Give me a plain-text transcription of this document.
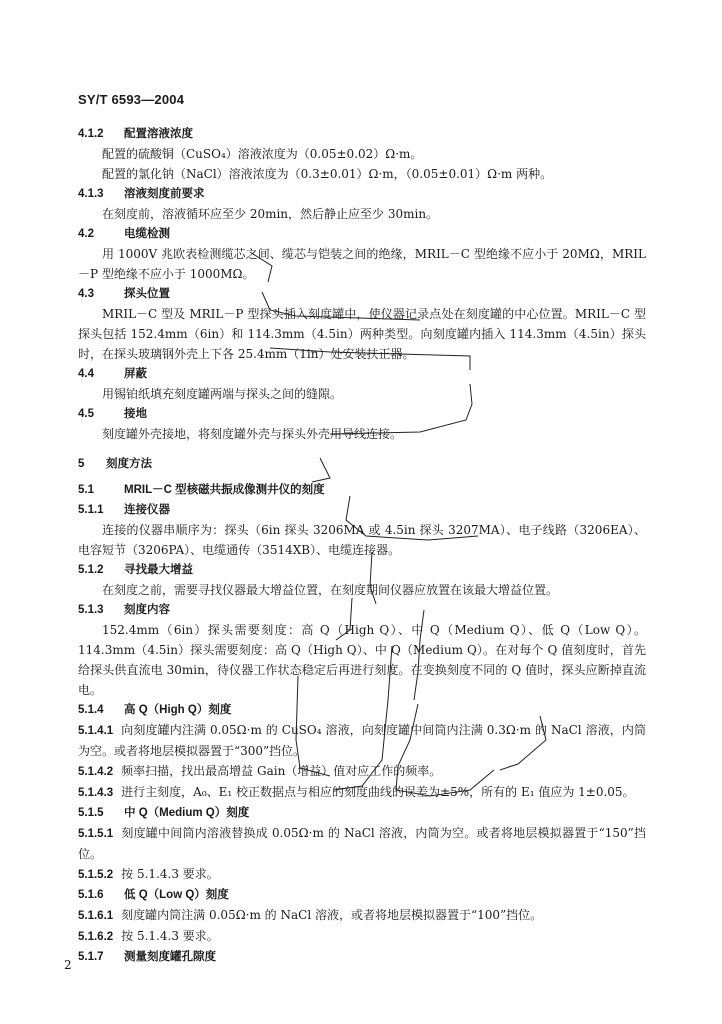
SY/T 6593—2004
4.1.2 配置溶液浓度
配置的硫酸铜（CuSO₄）溶液浓度为（0.05±0.02）Ω·m。
配置的氯化钠（NaCl）溶液浓度为（0.3±0.01）Ω·m，（0.05±0.01）Ω·m 两种。
4.1.3 溶液刻度前要求
在刻度前，溶液循环应至少 20min，然后静止应至少 30min。
4.2	电缆检测
用 1000V 兆欧表检测缆芯之间、缆芯与铠装之间的绝缘，MRIL－C 型绝缘不应小于 20MΩ，MRIL－P 型绝缘不应小于 1000MΩ。
4.3	探头位置
MRIL－C 型及 MRIL－P 型探头插入刻度罐中，使仪器记录点处在刻度罐的中心位置。MRIL－C 型探头包括 152.4mm（6in）和 114.3mm（4.5in）两种类型。向刻度罐内插入 114.3mm（4.5in）探头时，在探头玻璃钢外壳上下各 25.4mm（1in）处安装扶正器。
4.4	屏蔽
用锡铂纸填充刻度罐两端与探头之间的缝隙。
4.5	接地
刻度罐外壳接地，将刻度罐外壳与探头外壳用导线连接。
5 刻度方法
5.1	MRIL－C 型核磁共振成像测井仪的刻度
5.1.1 连接仪器
连接的仪器串顺序为：探头（6in 探头 3206MA 或 4.5in 探头 3207MA）、电子线路（3206EA）、电容短节（3206PA）、电缆通传（3514XB）、电缆连接器。
5.1.2 寻找最大增益
在刻度之前，需要寻找仪器最大增益位置，在刻度期间仪器应放置在该最大增益位置。
5.1.3 刻度内容
152.4mm（6in）探头需要刻度：高 Q（High Q）、中 Q（Medium Q）、低 Q（Low Q）。114.3mm（4.5in）探头需要刻度：高 Q（High Q）、中 Q（Medium Q）。在对每个 Q 值刻度时，首先给探头供直流电 30min，待仪器工作状态稳定后再进行刻度。在变换刻度不同的 Q 值时，探头应断掉直流电。
5.1.4 高 Q（High Q）刻度
5.1.4.1 向刻度罐内注满 0.05Ω·m 的 CuSO₄ 溶液，向刻度罐中间筒内注满 0.3Ω·m 的 NaCl 溶液，内筒为空。或者将地层模拟器置于“300”挡位。
5.1.4.2 频率扫描，找出最高增益 Gain（增益）值对应工作的频率。
5.1.4.3 进行主刻度，A₀、E₁ 校正数据点与相应的刻度曲线的误差为±5%，所有的 E₁ 值应为 1±0.05。
5.1.5 中 Q（Medium Q）刻度
5.1.5.1 刻度罐中间筒内溶液替换成 0.05Ω·m 的 NaCl 溶液，内筒为空。或者将地层模拟器置于“150”挡位。
5.1.5.2 按 5.1.4.3 要求。
5.1.6 低 Q（Low Q）刻度
5.1.6.1 刻度罐内筒注满 0.05Ω·m 的 NaCl 溶液，或者将地层模拟器置于“100”挡位。
5.1.6.2 按 5.1.4.3 要求。
5.1.7 测量刻度罐孔隙度
2
